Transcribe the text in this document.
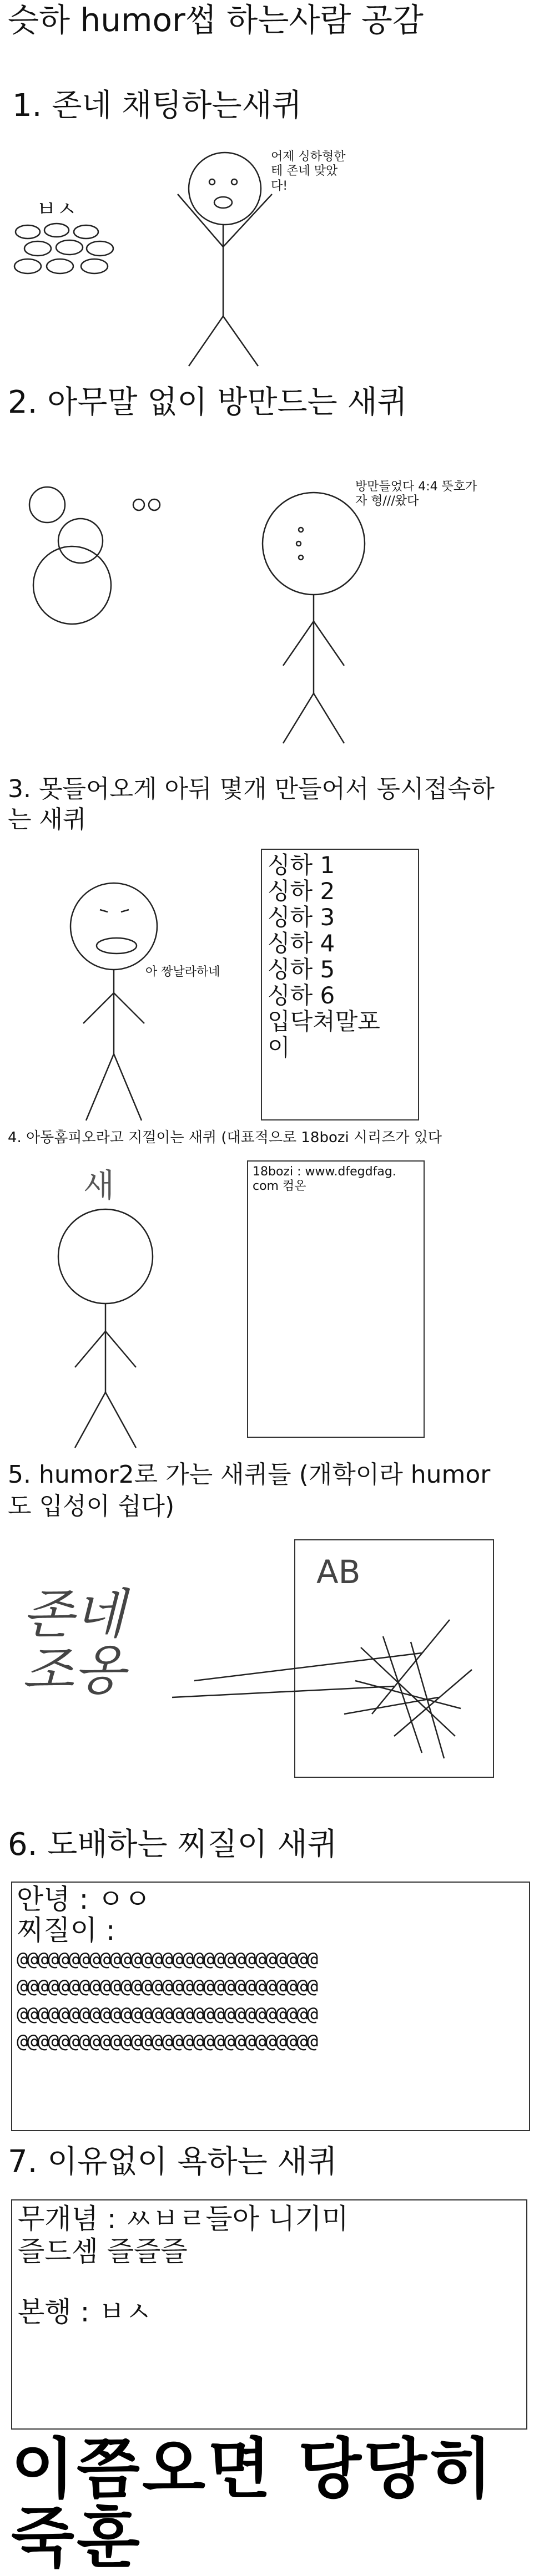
슷하 humor썹 하는사람 공감
1. 존네 채팅하는새퀴
ㅂㅅ
어제 싱하형한
테 존네 맞았
다!
2. 아무말 없이 방만드는 새퀴
방만들었다 4:4 뜻호가
자 형///왔다
3. 못들어오게 아뒤 몇개 만들어서 동시접속하는 새퀴
아 짱날라하네
싱하 1
싱하 2
싱하 3
싱하 4
싱하 5
싱하 6
입닥쳐말포
이
4. 아동홈피오라고 지껄이는 새퀴 (대표적으로 18bozi 시리즈가 있다
새	18bozi : www.dfegdfag.
com 컴온
5. humor2로 가는 새퀴들 (개학이라 humor도 입성이 쉽다)
존네
조옹
AB
6. 도배하는 찌질이 새퀴
안녕 : ㅇㅇ
찌질이 :
@@@@@@@@@@@@@@@@@@@@@@@@@@@@@
@@@@@@@@@@@@@@@@@@@@@@@@@@@@@
@@@@@@@@@@@@@@@@@@@@@@@@@@@@@
@@@@@@@@@@@@@@@@@@@@@@@@@@@@@
7. 이유없이 욕하는 새퀴
무개념 : ㅆㅂㄹ들아 니기미
즐드셈 즐즐즐
본행 : ㅂㅅ
이쯤오면 당당히
죽훈
